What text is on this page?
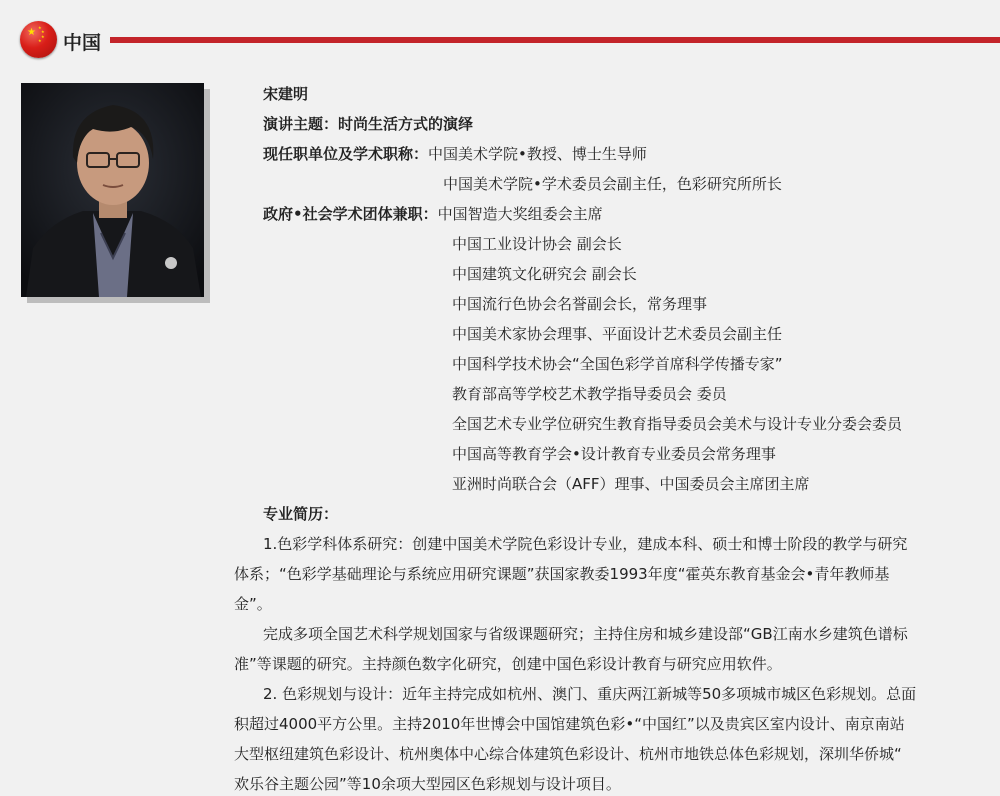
★ ★
★
★
★ 中国
宋建明
演讲主题：时尚生活方式的演绎
现任职单位及学术职称：中国美术学院•教授、博士生导师
中国美术学院•学术委员会副主任，色彩研究所所长
政府•社会学术团体兼职：中国智造大奖组委会主席
中国工业设计协会 副会长
中国建筑文化研究会 副会长
中国流行色协会名誉副会长，常务理事
中国美术家协会理事、平面设计艺术委员会副主任
中国科学技术协会“全国色彩学首席科学传播专家”
教育部高等学校艺术教学指导委员会 委员
全国艺术专业学位研究生教育指导委员会美术与设计专业分委会委员
中国高等教育学会•设计教育专业委员会常务理事
亚洲时尚联合会（AFF）理事、中国委员会主席团主席
专业简历：
1.色彩学科体系研究：创建中国美术学院色彩设计专业，建成本科、硕士和博士阶段的教学与研究
体系；“色彩学基础理论与系统应用研究课题”获国家教委1993年度“霍英东教育基金会•青年教师基
金”。
完成多项全国艺术科学规划国家与省级课题研究；主持住房和城乡建设部“GB江南水乡建筑色谱标
准”等课题的研究。主持颜色数字化研究，创建中国色彩设计教育与研究应用软件。
2. 色彩规划与设计：近年主持完成如杭州、澳门、重庆两江新城等50多项城市城区色彩规划。总面
积超过4000平方公里。主持2010年世博会中国馆建筑色彩•“中国红”以及贵宾区室内设计、南京南站
大型枢纽建筑色彩设计、杭州奥体中心综合体建筑色彩设计、杭州市地铁总体色彩规划，深圳华侨城“
欢乐谷主题公园”等10余项大型园区色彩规划与设计项目。
